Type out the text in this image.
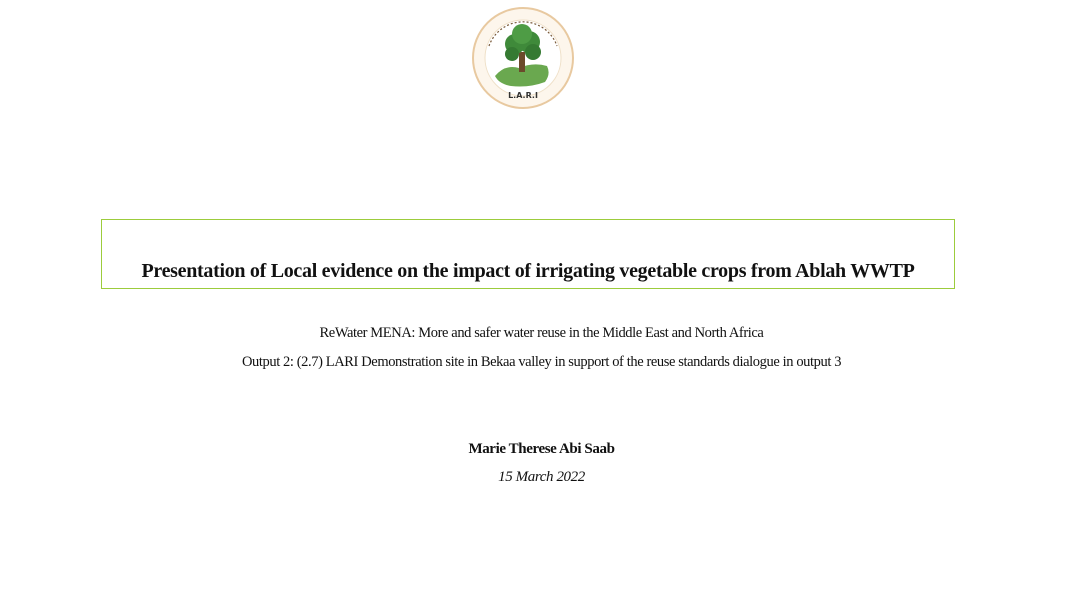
L.A.R.I
Presentation of Local evidence on the impact of irrigating vegetable crops from Ablah WWTP
ReWater MENA: More and safer water reuse in the Middle East and North Africa
Output 2: (2.7) LARI Demonstration site in Bekaa valley in support of the reuse standards dialogue in output 3
Marie Therese Abi Saab
15 March 2022
